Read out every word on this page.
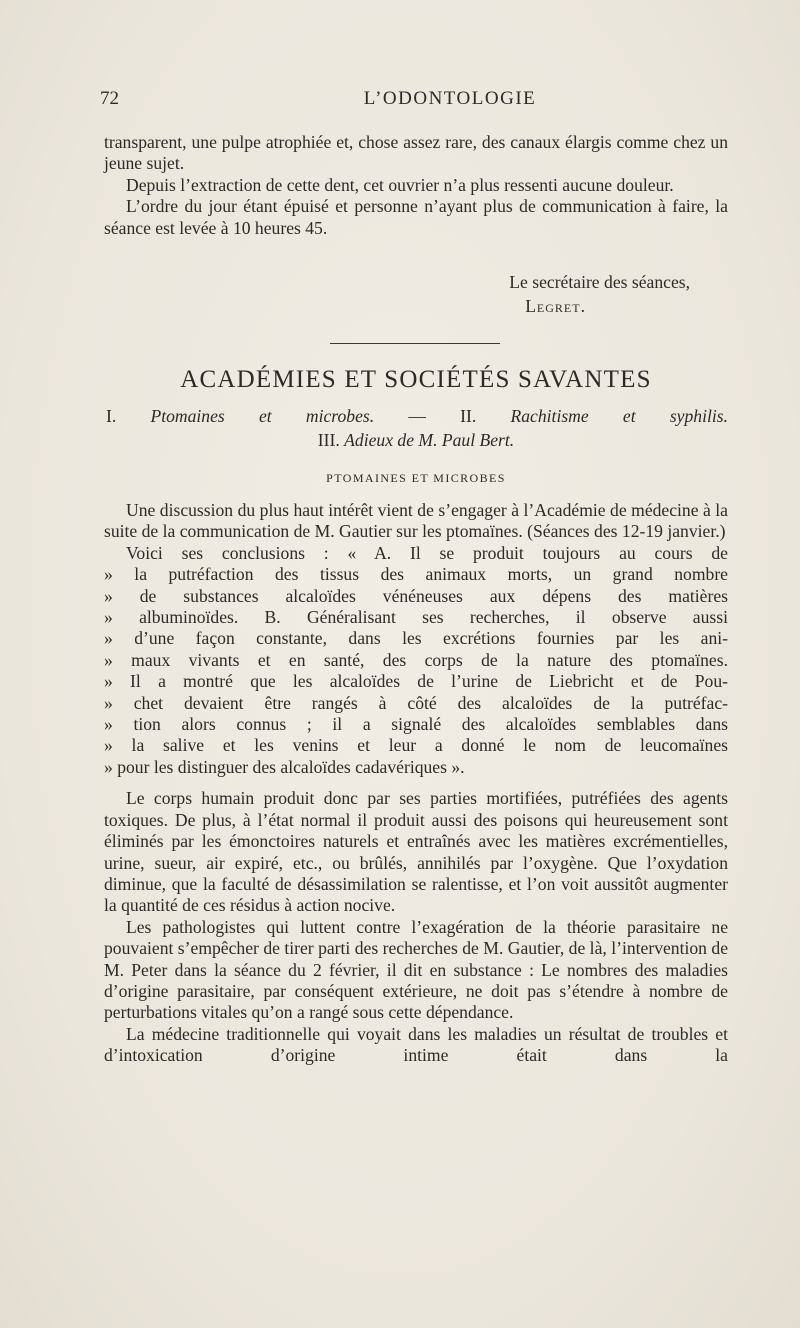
72	L’ODONTOLOGIE

transparent, une pulpe atrophiée et, chose assez rare, des canaux élargis comme chez un jeune sujet.

Depuis l’extraction de cette dent, cet ouvrier n’a plus ressenti aucune douleur.

L’ordre du jour étant épuisé et personne n’ayant plus de communication à faire, la séance est levée à 10 heures 45.

Le secrétaire des séances,
Legret.
ACADÉMIES ET SOCIÉTÉS SAVANTES
I. Ptomaines et microbes. — II. Rachitisme et syphilis.
III. Adieux de M. Paul Bert.
PTOMAINES ET MICROBES

Une discussion du plus haut intérêt vient de s’engager à l’Académie de médecine à la suite de la communication de M. Gautier sur les ptomaïnes. (Séances des 12-19 janvier.)

Voici ses conclusions : « A. Il se produit toujours au cours de

» la putréfaction des tissus des animaux morts, un grand nombre

» de substances alcaloïdes vénéneuses aux dépens des matières

» albuminoïdes. B. Généralisant ses recherches, il observe aussi

» d’une façon constante, dans les excrétions fournies par les ani-

» maux vivants et en santé, des corps de la nature des ptomaïnes.

» Il a montré que les alcaloïdes de l’urine de Liebricht et de Pou-

» chet devaient être rangés à côté des alcaloïdes de la putréfac-

» tion alors connus ; il a signalé des alcaloïdes semblables dans

» la salive et les venins et leur a donné le nom de leucomaïnes

» pour les distinguer des alcaloïdes cadavériques ».

Le corps humain produit donc par ses parties mortifiées, putréfiées des agents toxiques. De plus, à l’état normal il produit aussi des poisons qui heureusement sont éliminés par les émonctoires naturels et entraînés avec les matières excrémentielles, urine, sueur, air expiré, etc., ou brûlés, annihilés par l’oxygène. Que l’oxydation diminue, que la faculté de désassimilation se ralentisse, et l’on voit aussitôt augmenter la quantité de ces résidus à action nocive.

Les pathologistes qui luttent contre l’exagération de la théorie parasitaire ne pouvaient s’empêcher de tirer parti des recherches de M. Gautier, de là, l’intervention de M. Peter dans la séance du 2 février, il dit en substance : Le nombres des maladies d’origine parasitaire, par conséquent extérieure, ne doit pas s’étendre à nombre de perturbations vitales qu’on a rangé sous cette dépendance.

La médecine traditionnelle qui voyait dans les maladies un résultat de troubles et d’intoxication d’origine intime était dans la
